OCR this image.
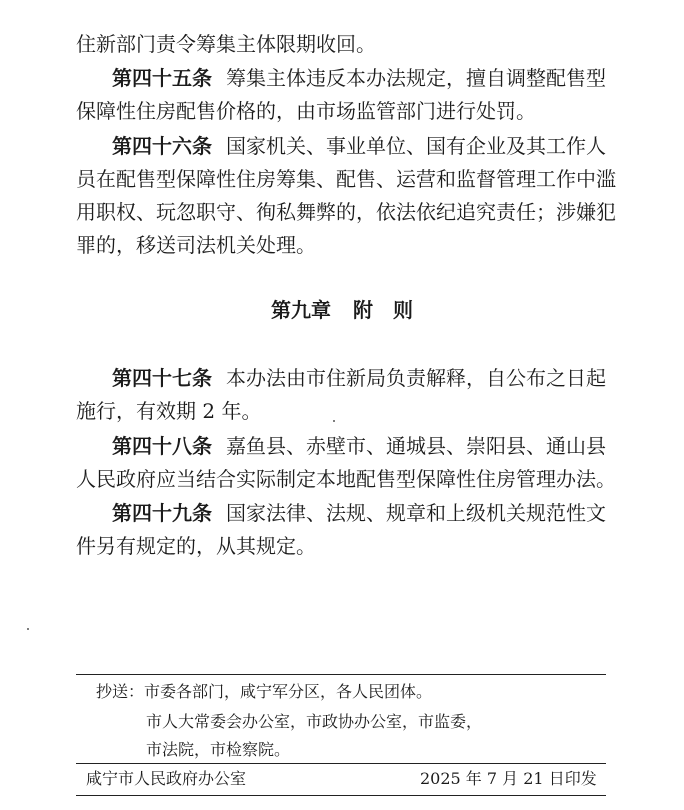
住新部门责令筹集主体限期收回。
第四十五条 筹集主体违反本办法规定，擅自调整配售型
保障性住房配售价格的，由市场监管部门进行处罚。
第四十六条 国家机关、事业单位、国有企业及其工作人
员在配售型保障性住房筹集、配售、运营和监督管理工作中滥
用职权、玩忽职守、徇私舞弊的，依法依纪追究责任；涉嫌犯
罪的，移送司法机关处理。
第九章 附　则
第四十七条 本办法由市住新局负责解释，自公布之日起
施行，有效期 2 年。
第四十八条 嘉鱼县、赤壁市、通城县、崇阳县、通山县
人民政府应当结合实际制定本地配售型保障性住房管理办法。
第四十九条 国家法律、法规、规章和上级机关规范性文
件另有规定的，从其规定。
抄送：市委各部门，咸宁军分区，各人民团体。
市人大常委会办公室，市政协办公室，市监委，
市法院，市检察院。
咸宁市人民政府办公室	2025 年 7 月 21 日印发
